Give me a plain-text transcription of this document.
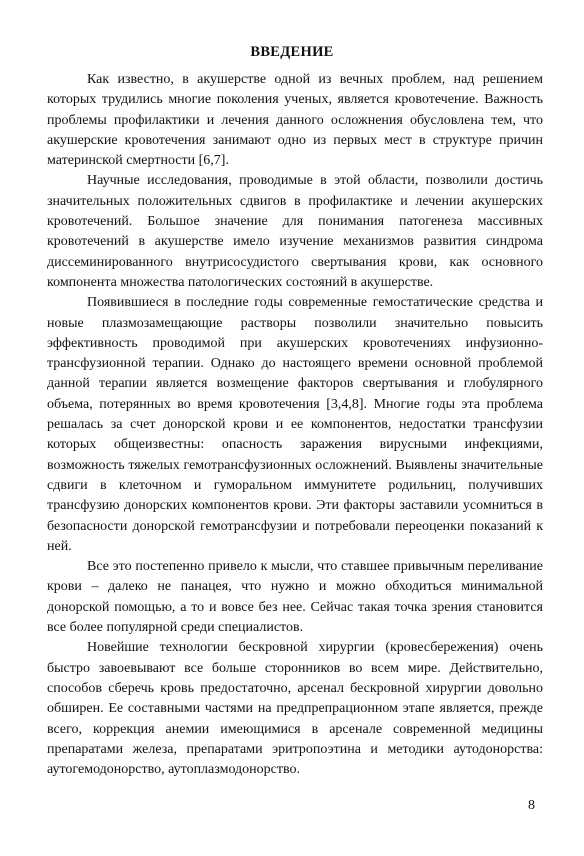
ВВЕДЕНИЕ

Как известно, в акушерстве одной из вечных проблем, над решением которых трудились многие поколения ученых, является кровотечение. Важность проблемы профилактики и лечения данного осложнения обусловлена тем, что акушерские кровотечения занимают одно из первых мест в структуре причин материнской смертности [6,7].

Научные исследования, проводимые в этой области, позволили достичь значительных положительных сдвигов в профилактике и лечении акушерских кровотечений. Большое значение для понимания патогенеза массивных кровотечений в акушерстве имело изучение механизмов развития синдрома диссеминированного внутрисосудистого свертывания крови, как основного компонента множества патологических состояний в акушерстве.

Появившиеся в последние годы современные гемостатические средства и новые плазмозамещающие растворы позволили значительно повысить эффективность проводимой при акушерских кровотечениях инфузионно-трансфузионной терапии. Однако до настоящего времени основной проблемой данной терапии является возмещение факторов свертывания и глобулярного объема, потерянных во время кровотечения [3,4,8]. Многие годы эта проблема решалась за счет донорской крови и ее компонентов, недостатки трансфузии которых общеизвестны: опасность заражения вирусными инфекциями, возможность тяжелых гемотрансфузионных осложнений. Выявлены значительные сдвиги в клеточном и гуморальном иммунитете родильниц, получивших трансфузию донорских компонентов крови. Эти факторы заставили усомниться в безопасности донорской гемотрансфузии и потребовали переоценки показаний к ней.

Все это постепенно привело к мысли, что ставшее привычным переливание крови – далеко не панацея, что нужно и можно обходиться минимальной донорской помощью, а то и вовсе без нее. Сейчас такая точка зрения становится все более популярной среди специалистов.

Новейшие технологии бескровной хирургии (кровесбережения) очень быстро завоевывают все больше сторонников во всем мире. Действительно, способов сберечь кровь предостаточно, арсенал бескровной хирургии довольно обширен. Ее составными частями на предпрепрационном этапе является, прежде всего, коррекция анемии имеющимися в арсенале современной медицины препаратами железа, препаратами эритропоэтина и методики аутодонорства: аутогемодонорство, аутоплазмодонорство.

8
